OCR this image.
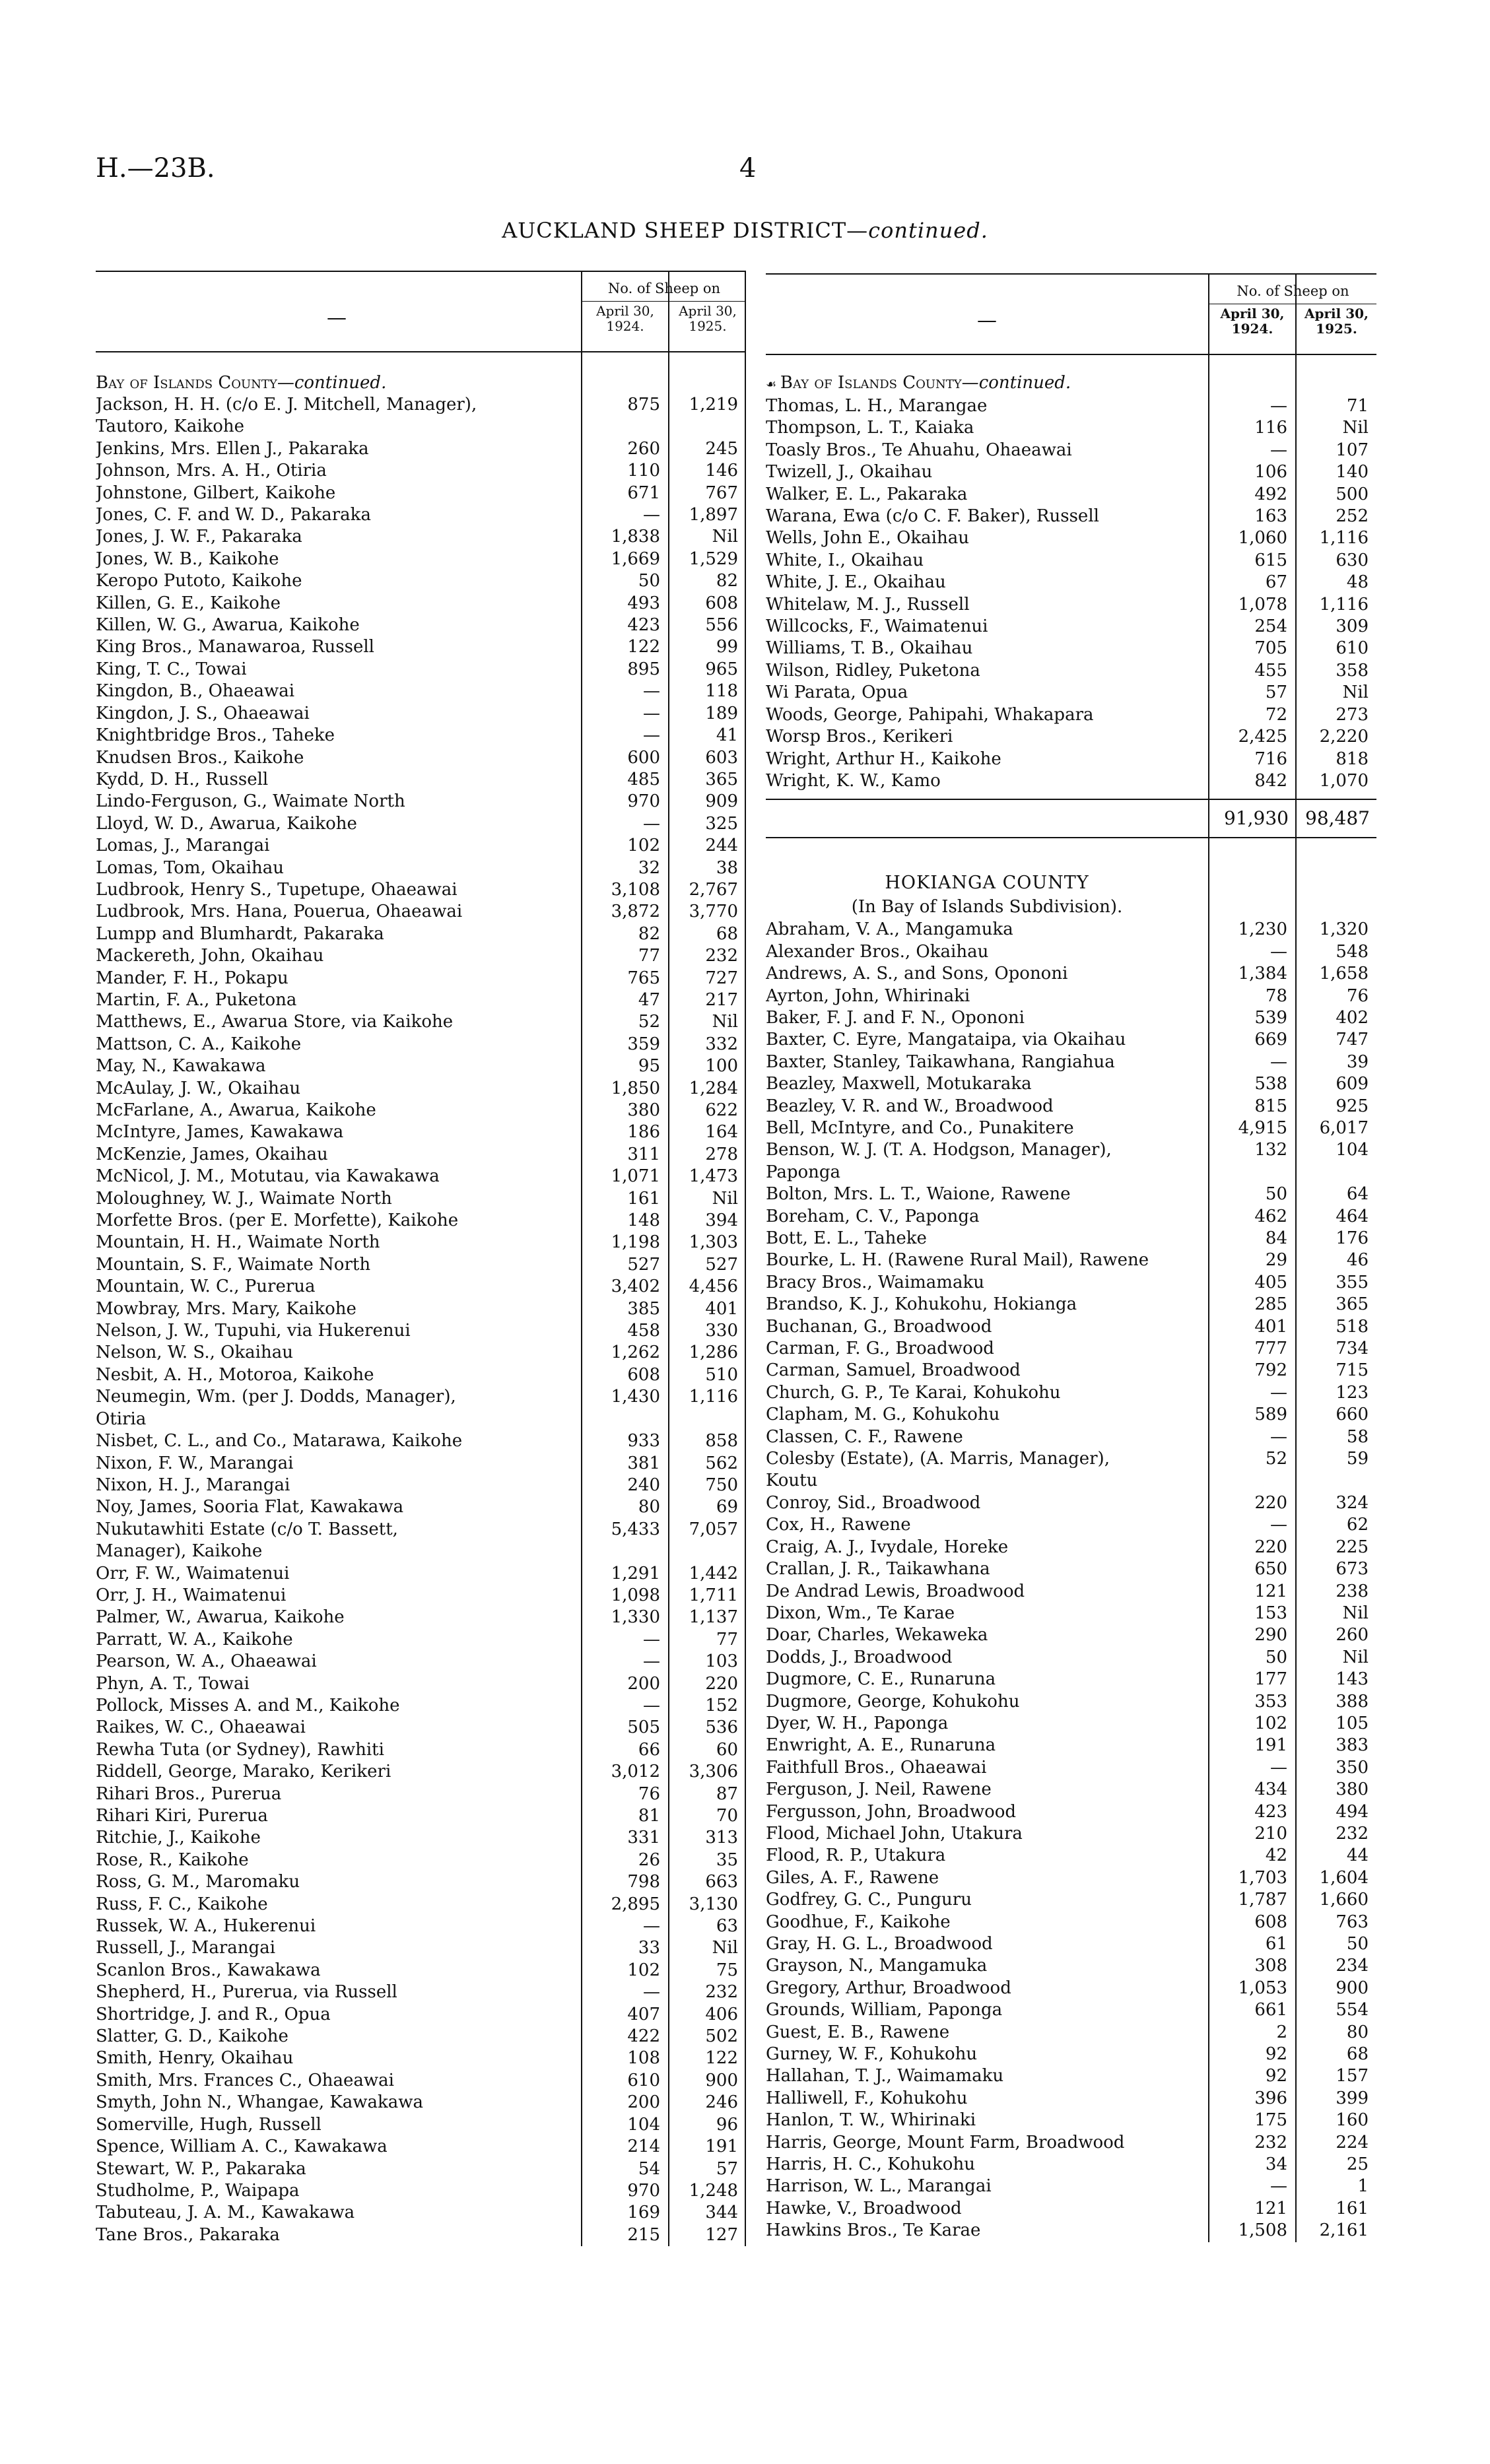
H.—23B.	4
AUCKLAND SHEEP DISTRICT—continued.
—
No. of Sheep on
April 30,
1924.
April 30,
1925.
Bay of Islands County—continued.
Jackson, H. H. (c/o E. J. Mitchell, Manager),
Tautoro, Kaikohe
875	1,219
Jenkins, Mrs. Ellen J., Pakaraka	260	245
Johnson, Mrs. A. H., Otiria	110	146
Johnstone, Gilbert, Kaikohe	671	767
Jones, C. F. and W. D., Pakaraka	—	1,897
Jones, J. W. F., Pakaraka	1,838	Nil
Jones, W. B., Kaikohe	1,669	1,529
Keropo Putoto, Kaikohe	50	82
Killen, G. E., Kaikohe	493	608
Killen, W. G., Awarua, Kaikohe	423	556
King Bros., Manawaroa, Russell	122	99
King, T. C., Towai	895	965
Kingdon, B., Ohaeawai	—	118
Kingdon, J. S., Ohaeawai	—	189
Knightbridge Bros., Taheke	—	41
Knudsen Bros., Kaikohe	600	603
Kydd, D. H., Russell	485	365
Lindo-Ferguson, G., Waimate North	970	909
Lloyd, W. D., Awarua, Kaikohe	—	325
Lomas, J., Marangai	102	244
Lomas, Tom, Okaihau	32	38
Ludbrook, Henry S., Tupetupe, Ohaeawai	3,108	2,767
Ludbrook, Mrs. Hana, Pouerua, Ohaeawai	3,872	3,770
Lumpp and Blumhardt, Pakaraka	82	68
Mackereth, John, Okaihau	77	232
Mander, F. H., Pokapu	765	727
Martin, F. A., Puketona	47	217
Matthews, E., Awarua Store, via Kaikohe	52	Nil
Mattson, C. A., Kaikohe	359	332
May, N., Kawakawa	95	100
McAulay, J. W., Okaihau	1,850	1,284
McFarlane, A., Awarua, Kaikohe	380	622
McIntyre, James, Kawakawa	186	164
McKenzie, James, Okaihau	311	278
McNicol, J. M., Motutau, via Kawakawa	1,071	1,473
Moloughney, W. J., Waimate North	161	Nil
Morfette Bros. (per E. Morfette), Kaikohe	148	394
Mountain, H. H., Waimate North	1,198	1,303
Mountain, S. F., Waimate North	527	527
Mountain, W. C., Purerua	3,402	4,456
Mowbray, Mrs. Mary, Kaikohe	385	401
Nelson, J. W., Tupuhi, via Hukerenui	458	330
Nelson, W. S., Okaihau	1,262	1,286
Nesbit, A. H., Motoroa, Kaikohe	608	510
Neumegin, Wm. (per J. Dodds, Manager),
Otiria
1,430	1,116
Nisbet, C. L., and Co., Matarawa, Kaikohe	933	858
Nixon, F. W., Marangai	381	562
Nixon, H. J., Marangai	240	750
Noy, James, Sooria Flat, Kawakawa	80	69
Nukutawhiti Estate (c/o T. Bassett,
Manager), Kaikohe
5,433	7,057
Orr, F. W., Waimatenui	1,291	1,442
Orr, J. H., Waimatenui	1,098	1,711
Palmer, W., Awarua, Kaikohe	1,330	1,137
Parratt, W. A., Kaikohe	—	77
Pearson, W. A., Ohaeawai	—	103
Phyn, A. T., Towai	200	220
Pollock, Misses A. and M., Kaikohe	—	152
Raikes, W. C., Ohaeawai	505	536
Rewha Tuta (or Sydney), Rawhiti	66	60
Riddell, George, Marako, Kerikeri	3,012	3,306
Rihari Bros., Purerua	76	87
Rihari Kiri, Purerua	81	70
Ritchie, J., Kaikohe	331	313
Rose, R., Kaikohe	26	35
Ross, G. M., Maromaku	798	663
Russ, F. C., Kaikohe	2,895	3,130
Russek, W. A., Hukerenui	—	63
Russell, J., Marangai	33	Nil
Scanlon Bros., Kawakawa	102	75
Shepherd, H., Purerua, via Russell	—	232
Shortridge, J. and R., Opua	407	406
Slatter, G. D., Kaikohe	422	502
Smith, Henry, Okaihau	108	122
Smith, Mrs. Frances C., Ohaeawai	610	900
Smyth, John N., Whangae, Kawakawa	200	246
Somerville, Hugh, Russell	104	96
Spence, William A. C., Kawakawa	214	191
Stewart, W. P., Pakaraka	54	57
Studholme, P., Waipapa	970	1,248
Tabuteau, J. A. M., Kawakawa	169	344
Tane Bros., Pakaraka	215	127
—
No. of Sheep on
April 30,
1924.
April 30,
1925.
☙ Bay of Islands County—continued.
Thomas, L. H., Marangae	—	71
Thompson, L. T., Kaiaka	116	Nil
Toasly Bros., Te Ahuahu, Ohaeawai	—	107
Twizell, J., Okaihau	106	140
Walker, E. L., Pakaraka	492	500
Warana, Ewa (c/o C. F. Baker), Russell	163	252
Wells, John E., Okaihau	1,060	1,116
White, I., Okaihau	615	630
White, J. E., Okaihau	67	48
Whitelaw, M. J., Russell	1,078	1,116
Willcocks, F., Waimatenui	254	309
Williams, T. B., Okaihau	705	610
Wilson, Ridley, Puketona	455	358
Wi Parata, Opua	57	Nil
Woods, George, Pahipahi, Whakapara	72	273
Worsp Bros., Kerikeri	2,425	2,220
Wright, Arthur H., Kaikohe	716	818
Wright, K. W., Kamo	842	1,070
91,930 98,487
HOKIANGA COUNTY
(In Bay of Islands Subdivision).
Abraham, V. A., Mangamuka	1,230	1,320
Alexander Bros., Okaihau	—	548
Andrews, A. S., and Sons, Opononi	1,384	1,658
Ayrton, John, Whirinaki	78	76
Baker, F. J. and F. N., Opononi	539	402
Baxter, C. Eyre, Mangataipa, via Okaihau	669	747
Baxter, Stanley, Taikawhana, Rangiahua	—	39
Beazley, Maxwell, Motukaraka	538	609
Beazley, V. R. and W., Broadwood	815	925
Bell, McIntyre, and Co., Punakitere	4,915	6,017
Benson, W. J. (T. A. Hodgson, Manager),
Paponga
132	104
Bolton, Mrs. L. T., Waione, Rawene	50	64
Boreham, C. V., Paponga	462	464
Bott, E. L., Taheke	84	176
Bourke, L. H. (Rawene Rural Mail), Rawene	29	46
Bracy Bros., Waimamaku	405	355
Brandso, K. J., Kohukohu, Hokianga	285	365
Buchanan, G., Broadwood	401	518
Carman, F. G., Broadwood	777	734
Carman, Samuel, Broadwood	792	715
Church, G. P., Te Karai, Kohukohu	—	123
Clapham, M. G., Kohukohu	589	660
Classen, C. F., Rawene	—	58
Colesby (Estate), (A. Marris, Manager),
Koutu
52	59
Conroy, Sid., Broadwood	220	324
Cox, H., Rawene	—	62
Craig, A. J., Ivydale, Horeke	220	225
Crallan, J. R., Taikawhana	650	673
De Andrad Lewis, Broadwood	121	238
Dixon, Wm., Te Karae	153	Nil
Doar, Charles, Wekaweka	290	260
Dodds, J., Broadwood	50	Nil
Dugmore, C. E., Runaruna	177	143
Dugmore, George, Kohukohu	353	388
Dyer, W. H., Paponga	102	105
Enwright, A. E., Runaruna	191	383
Faithfull Bros., Ohaeawai	—	350
Ferguson, J. Neil, Rawene	434	380
Fergusson, John, Broadwood	423	494
Flood, Michael John, Utakura	210	232
Flood, R. P., Utakura	42	44
Giles, A. F., Rawene	1,703	1,604
Godfrey, G. C., Punguru	1,787	1,660
Goodhue, F., Kaikohe	608	763
Gray, H. G. L., Broadwood	61	50
Grayson, N., Mangamuka	308	234
Gregory, Arthur, Broadwood	1,053	900
Grounds, William, Paponga	661	554
Guest, E. B., Rawene	2	80
Gurney, W. F., Kohukohu	92	68
Hallahan, T. J., Waimamaku	92	157
Halliwell, F., Kohukohu	396	399
Hanlon, T. W., Whirinaki	175	160
Harris, George, Mount Farm, Broadwood	232	224
Harris, H. C., Kohukohu	34	25
Harrison, W. L., Marangai	—	1
Hawke, V., Broadwood	121	161
Hawkins Bros., Te Karae	1,508	2,161
